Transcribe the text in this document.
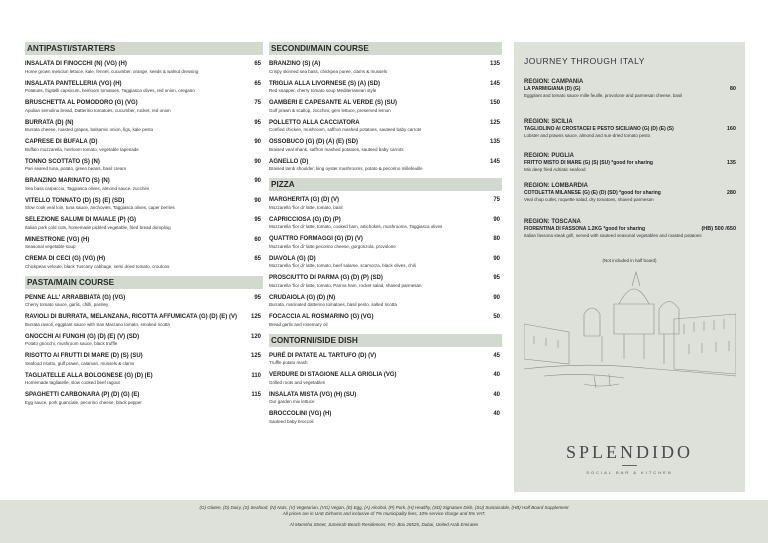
ANTIPASTI/STARTERS
INSALATA DI FINOCCHI (N) (VG) (H)	65
Home grown mesclun lettuce, kale, fennel, cucumber, orange, seeds & walnut dressing
INSALATA PANTELLERIA (VG) (H)	65
Potatoes, frigitelli capsicum, heirloom tomatoes, Taggiasca olives, red onion, oregano
BRUSCHETTA AL POMODORO (G) (VG)	75
Apulian semolina bread, Datterino tomatoes, cucumber, rocket, red onion
BURRATA (D) (N)	95
Burrata cheese, roasted grapes, balsamic onion, figs, kale pesto
CAPRESE DI BUFALA (D)	90
Buffalo mozzarella, heirloom tomato, vegetable tapenade
TONNO SCOTTATO (S) (N)	90
Pan seared tuna, potato, green beans, basil cream
BRANZINO MARINATO (S) (N)	90
Sea bass carpaccio, Taggiasca olives, almond sauce, zucchini
VITELLO TONNATO (D) (S) (E) (SD)	90
Slow cook veal loin, tuna sauce, anchovies, Taggiasca olives, caper berries
SELEZIONE SALUMI DI MAIALE (P) (G)	95
Italian pork cold cuts, homemade pickled vegetable, fried bread dumpling
MINESTRONE (VG) (H)	60
Seasonal vegetable soup
CREMA DI CECI (G) (VG) (H)	65
Chickpeas veloute, black Tuscany cabbage, semi dried tomato, croutons
PASTA/MAIN COURSE
PENNE ALL' ARRABBIATA (G) (VG)	95
Cherry tomato sauce, garlic, chilli, parsley
RAVIOLI DI BURRATA, MELANZANA, RICOTTA AFFUMICATA (G) (D) (E) (V)	125
Burrata ravioli, eggplant sauce with San Marzano tomato, smoked ricotta
GNOCCHI AI FUNGHI (G) (D) (E) (V) (SD)	120
Potato gnocchi, mushroom sauce, black truffle
RISOTTO AI FRUTTI DI MARE (D) (S) (SU)	125
Seafood risotto, gulf prawn, calamari, mussels & clams
TAGLIATELLE ALLA BOLOGNESE (G) (D) (E)	110
Homemade tagliatelle, slow cooked beef ragout
SPAGHETTI CARBONARA (P) (D) (G) (E)	115
Egg sauce, pork guanciale, pecorino cheese, black pepper
SECONDI/MAIN COURSE
BRANZINO (S) (A)	135
Crispy skinned sea bass, chickpea puree, clams & mussels
TRIGLIA ALLA LIVORNESE (S) (A) (SD)	145
Red snapper, cherry tomato soup Mediterranean style
GAMBERI E CAPESANTE AL VERDE (S) (SU)	150
Gulf prawn & scallop, zucchini, gem lettuce, preserved lemon
POLLETTO ALLA CACCIATORA	125
Confied chicken, mushroom, saffron mashed potatoes, sauteed baby carrots
OSSOBUCO (G) (D) (A) (E) (SD)	135
Braised veal shank, saffron mashed potatoes, sauteed baby carrots
AGNELLO (D)	145
Braised lamb shoulder, king oyster mushrooms, potato & pecorino millefeuille
PIZZA
MARGHERITA (G) (D) (V)	75
Mozzarella 'fior di' latte, tomato, basil
CAPRICCIOSA (G) (D) (P)	90
Mozzarella 'fior di' latte, tomato, cooked ham, artichokes, mushrooms, Taggiasca olives
QUATTRO FORMAGGI (G) (D) (V)	80
Mozzarella 'fior di' latte,pecorino cheese, gorgonzola, provolone
DIAVOLA (G) (D)	90
Mozzarella 'fior di' latte, tomato, beef salame, scamorza, black olives, chili
PROSCIUTTO DI PARMA (G) (D) (P) (SD)	95
Mozzarella 'fior di' latte, tomato, Parma ham, rocket salad, shaved parmesan
CRUDAIOLA (G) (D) (N)	90
Burrata, marinated datterino tomatoes, basil pesto, salted ricotta
FOCACCIA AL ROSMARINO (G) (VG)	50
Bread garlic and rosemary oil
CONTORNI/SIDE DISH
PURÉ DI PATATE AL TARTUFO (D) (V)	45
Truffle potato mash
VERDURE DI STAGIONE ALLA GRIGLIA (VG)	40
Grilled roots and vegetables
INSALATA MISTA (VG) (H) (SU)	40
Our garden mix lettuce
BROCCOLINI (VG) (H)	40
Sauteed baby broccoli
JOURNEY THROUGH ITALY
REGION: CAMPANIA
LA PARMIGIANA (D) (G)	80
Eggplant and tomato sauce mille feuille, provolone and parmesan cheese, basil
REGION: SICILIA
TAGLIOLINO AI CROSTACEI E PESTO SICILIANO (G) (D) (E) (S)	160
Lobster and prawns sauce, almond and sun-dried tomato pesto
REGION: PUGLIA
FRITTO MISTO DI MARE (G) (S) (SU) *good for sharing	135
Mix deep fried Adriatic seafood
REGION: LOMBARDIA
COTOLETTA MILANESE (G) (E) (D) (SD) *good for sharing	280
Veal chop cutlet, roquette salad, dry tomatoes, shaved parmesan
REGION: TOSCANA
FIORENTINA DI FASSONA 1.2KG *good for sharing	(HB) 500 /650
Italian fassona steak grill, served with sauteed seasonal vegetables and roasted potatoes
(Not included in half board)
SPLENDIDO
SOCIAL BAR & KITCHEN
(G) Gluten, (D) Dairy, (S) Seafood, (N) Nuts, (V) Vegetarian, (VG) Vegan, (E) Egg, (A) Alcohol, (P) Pork, (H) Healthy, (SD) Signature Dish, (SU) Sustainable, (HB) Half Board Supplement
All prices are in UAE Dirhams and inclusive of 7% municipality fees, 10% service charge and 5% VAT.
Al Mamsha Street, Jumeirah Beach Residences, P.O. Box 26525, Dubai, United Arab Emirates
